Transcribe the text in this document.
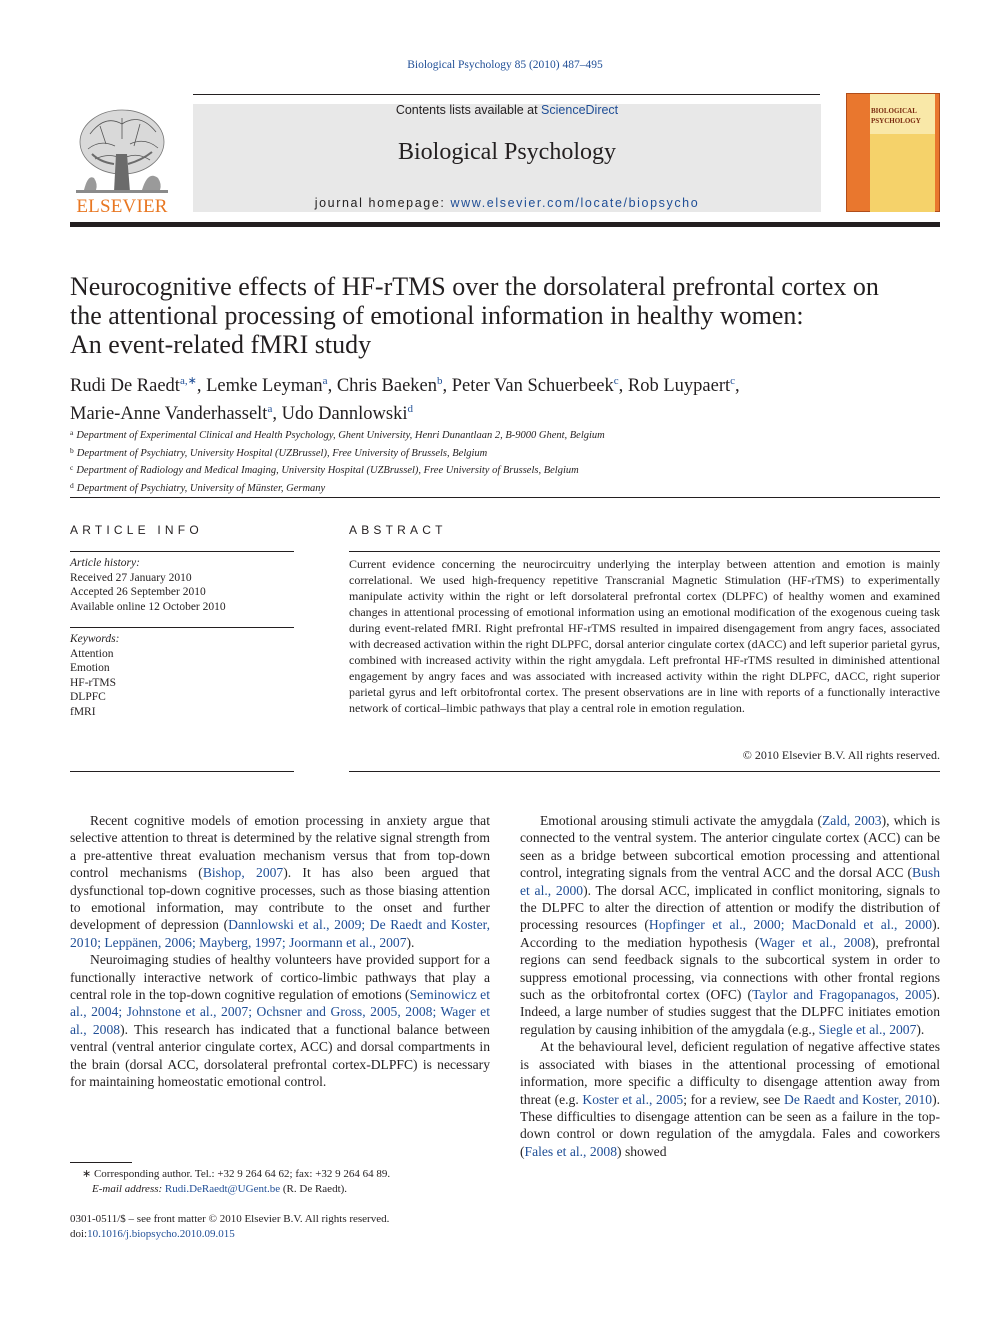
Biological Psychology 85 (2010) 487–495
ELSEVIER
Contents lists available at ScienceDirect
Biological Psychology
journal homepage: www.elsevier.com/locate/biopsycho
BIOLOGICAL PSYCHOLOGY
Neurocognitive effects of HF-rTMS over the dorsolateral prefrontal cortex on
the attentional processing of emotional information in healthy women:
An event-related fMRI study
Rudi De Raedt$^{a,∗}$, Lemke Leyman$^a$, Chris Baeken$^b$, Peter Van Schuerbeek$^c$, Rob Luypaert$^c$,
Marie-Anne Vanderhasselt$^a$, Udo Dannlowski$^d$
$^a$ Department of Experimental Clinical and Health Psychology, Ghent University, Henri Dunantlaan 2, B-9000 Ghent, Belgium
$^b$ Department of Psychiatry, University Hospital (UZBrussel), Free University of Brussels, Belgium
$^c$ Department of Radiology and Medical Imaging, University Hospital (UZBrussel), Free University of Brussels, Belgium
$^d$ Department of Psychiatry, University of Münster, Germany
ARTICLE INFO
Article history:
Received 27 January 2010
Accepted 26 September 2010
Available online 12 October 2010
Keywords:
Attention
Emotion
HF-rTMS
DLPFC
fMRI
ABSTRACT
Current evidence concerning the neurocircuitry underlying the interplay between attention and emotion is mainly correlational. We used high-frequency repetitive Transcranial Magnetic Stimulation (HF-rTMS) to experimentally manipulate activity within the right or left dorsolateral prefrontal cortex (DLPFC) of healthy women and examined changes in attentional processing of emotional information using an emotional modification of the exogenous cueing task during event-related fMRI. Right prefrontal HF-rTMS resulted in impaired disengagement from angry faces, associated with decreased activation within the right DLPFC, dorsal anterior cingulate cortex (dACC) and left superior parietal gyrus, combined with increased activity within the right amygdala. Left prefrontal HF-rTMS resulted in diminished attentional engagement by angry faces and was associated with increased activity within the right DLPFC, dACC, right superior parietal gyrus and left orbitofrontal cortex. The present observations are in line with reports of a functionally interactive network of cortical–limbic pathways that play a central role in emotion regulation.
© 2010 Elsevier B.V. All rights reserved.

Recent cognitive models of emotion processing in anxiety argue that selective attention to threat is determined by the relative signal strength from a pre-attentive threat evaluation mechanism versus that from top-down control mechanisms (Bishop, 2007). It has also been argued that dysfunctional top-down cognitive processes, such as those biasing attention to emotional information, may contribute to the onset and further development of depression (Dannlowski et al., 2009; De Raedt and Koster, 2010; Leppänen, 2006; Mayberg, 1997; Joormann et al., 2007).

Neuroimaging studies of healthy volunteers have provided support for a functionally interactive network of cortico-limbic pathways that play a central role in the top-down cognitive regulation of emotions (Seminowicz et al., 2004; Johnstone et al., 2007; Ochsner and Gross, 2005, 2008; Wager et al., 2008). This research has indicated that a functional balance between ventral (ventral anterior cingulate cortex, ACC) and dorsal compartments in the brain (dorsal ACC, dorsolateral prefrontal cortex-DLPFC) is necessary for maintaining homeostatic emotional control.

Emotional arousing stimuli activate the amygdala (Zald, 2003), which is connected to the ventral system. The anterior cingulate cortex (ACC) can be seen as a bridge between subcortical emotion processing and attentional control, integrating signals from the ventral ACC and the dorsal ACC (Bush et al., 2000). The dorsal ACC, implicated in conflict monitoring, signals to the DLPFC to alter the direction of attention or modify the distribution of processing resources (Hopfinger et al., 2000; MacDonald et al., 2000). According to the mediation hypothesis (Wager et al., 2008), prefrontal regions can send feedback signals to the subcortical system in order to suppress emotional processing, via connections with other frontal regions such as the orbitofrontal cortex (OFC) (Taylor and Fragopanagos, 2005). Indeed, a large number of studies suggest that the DLPFC initiates emotion regulation by causing inhibition of the amygdala (e.g., Siegle et al., 2007).

At the behavioural level, deficient regulation of negative affective states is associated with biases in the attentional processing of emotional information, more specific a difficulty to disengage attention away from threat (e.g. Koster et al., 2005; for a review, see De Raedt and Koster, 2010). These difficulties to disengage attention can be seen as a failure in the top-down control or down regulation of the amygdala. Fales and coworkers (Fales et al., 2008) showed

∗ Corresponding author. Tel.: +32 9 264 64 62; fax: +32 9 264 64 89.
E-mail address: Rudi.DeRaedt@UGent.be (R. De Raedt).
0301-0511/$ – see front matter © 2010 Elsevier B.V. All rights reserved.
doi:10.1016/j.biopsycho.2010.09.015
